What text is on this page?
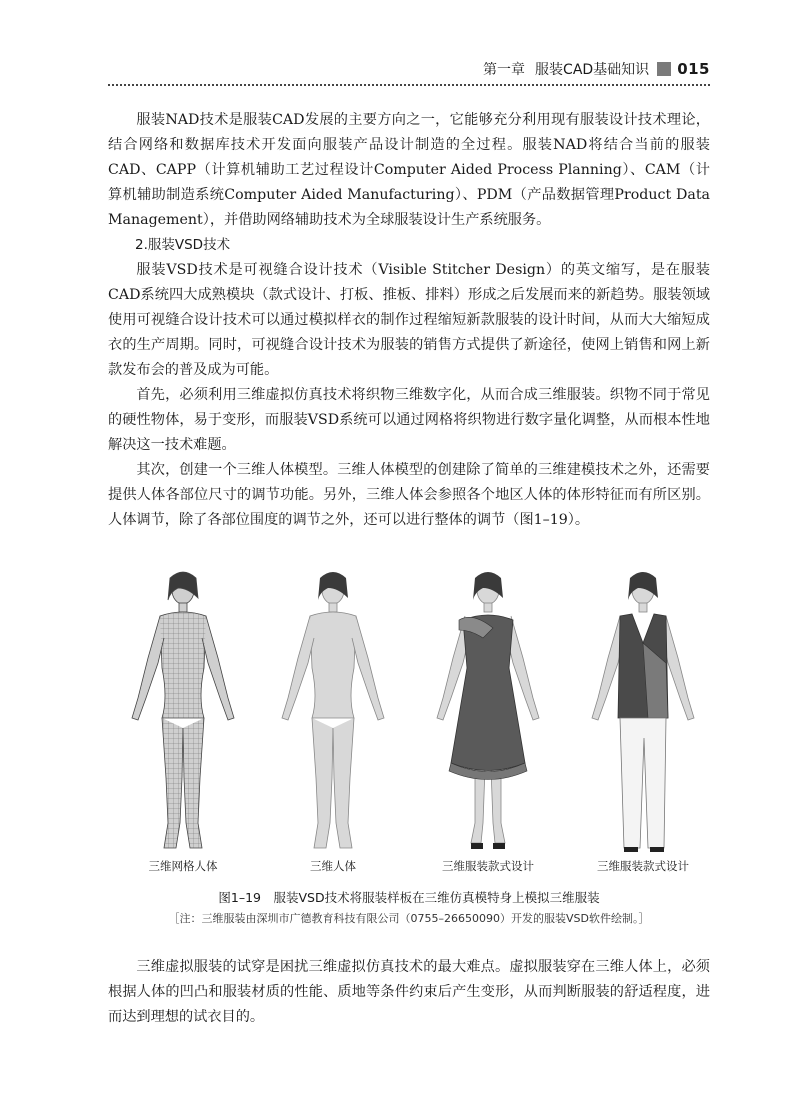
第一章 服装CAD基础知识 015

服装NAD技术是服装CAD发展的主要方向之一，它能够充分利用现有服装设计技术理论，结合网络和数据库技术开发面向服装产品设计制造的全过程。服装NAD将结合当前的服装CAD、CAPP（计算机辅助工艺过程设计Computer Aided Process Planning）、CAM（计算机辅助制造系统Computer Aided Manufacturing）、PDM（产品数据管理Product Data Management），并借助网络辅助技术为全球服装设计生产系统服务。

2.服装VSD技术

服装VSD技术是可视缝合设计技术（Visible Stitcher Design）的英文缩写，是在服装CAD系统四大成熟模块（款式设计、打板、推板、排料）形成之后发展而来的新趋势。服装领域使用可视缝合设计技术可以通过模拟样衣的制作过程缩短新款服装的设计时间，从而大大缩短成衣的生产周期。同时，可视缝合设计技术为服装的销售方式提供了新途径，使网上销售和网上新款发布会的普及成为可能。

首先，必须利用三维虚拟仿真技术将织物三维数字化，从而合成三维服装。织物不同于常见的硬性物体，易于变形，而服装VSD系统可以通过网格将织物进行数字量化调整，从而根本性地解决这一技术难题。

其次，创建一个三维人体模型。三维人体模型的创建除了简单的三维建模技术之外，还需要提供人体各部位尺寸的调节功能。另外，三维人体会参照各个地区人体的体形特征而有所区别。人体调节，除了各部位围度的调节之外，还可以进行整体的调节（图1–19）。

三维网格人体	三维人体	三维服装款式设计	三维服装款式设计
图1–19　服装VSD技术将服装样板在三维仿真模特身上模拟三维服装
［注：三维服装由深圳市广德教育科技有限公司（0755–26650090）开发的服装VSD软件绘制。］

三维虚拟服装的试穿是困扰三维虚拟仿真技术的最大难点。虚拟服装穿在三维人体上，必须根据人体的凹凸和服装材质的性能、质地等条件约束后产生变形，从而判断服装的舒适程度，进而达到理想的试衣目的。
